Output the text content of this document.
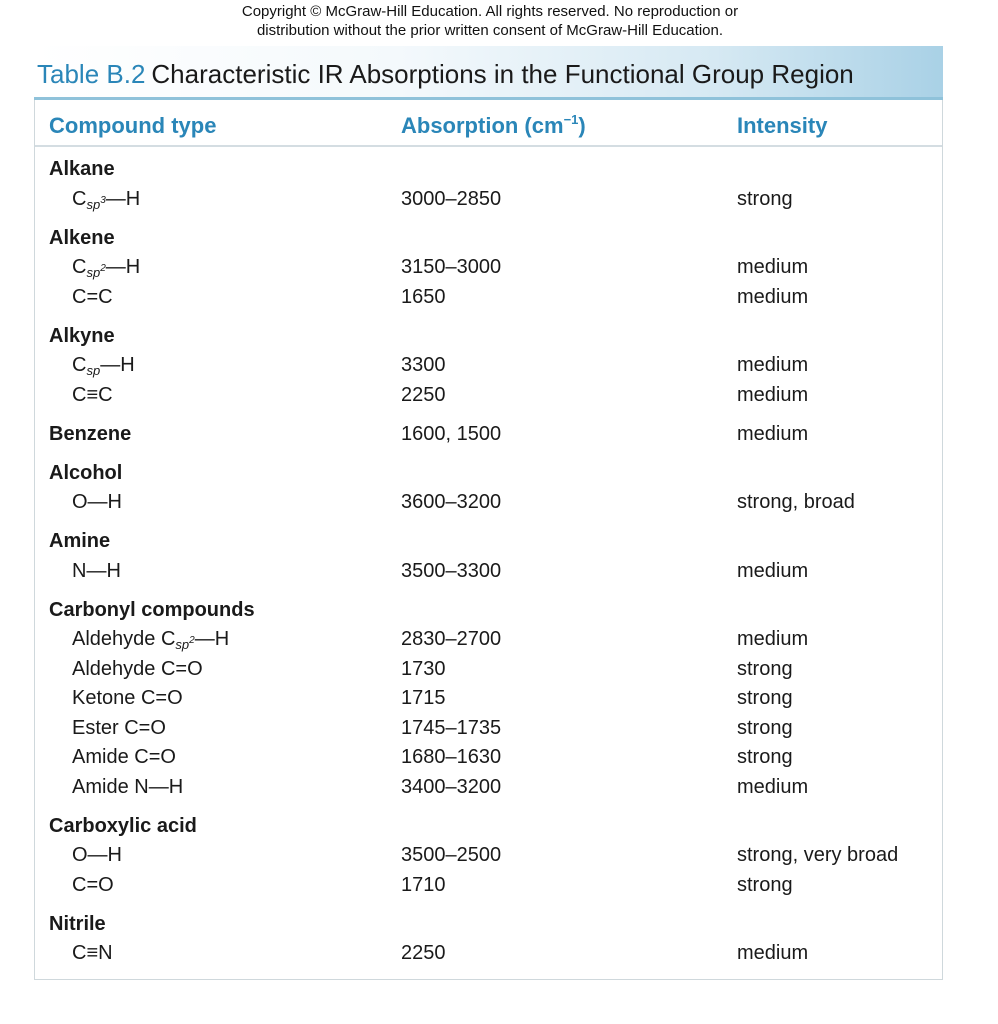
Copyright © McGraw-Hill Education. All rights reserved. No reproduction or
distribution without the prior written consent of McGraw-Hill Education.
Table B.2 Characteristic IR Absorptions in the Functional Group Region
Compound type	Absorption $(cm^{-1})$	Intensity
Alkane
$C_{sp^3}—H$	3000–2850	strong
Alkene
$C_{sp^2}—H$	3150–3000	medium
C=C	1650	medium
Alkyne
$C_{sp}—H$	3300	medium
C≡C	2250	medium
Benzene	1600, 1500	medium
Alcohol
O—H	3600–3200	strong, broad
Amine
N—H	3500–3300	medium
Carbonyl compounds
Aldehyde $C_{sp^2}—H$	2830–2700	medium
Aldehyde C=O	1730	strong
Ketone C=O	1715	strong
Ester C=O	1745–1735	strong
Amide C=O	1680–1630	strong
Amide N—H	3400–3200	medium
Carboxylic acid
O—H	3500–2500	strong, very broad
C=O	1710	strong
Nitrile
C≡N	2250	medium
